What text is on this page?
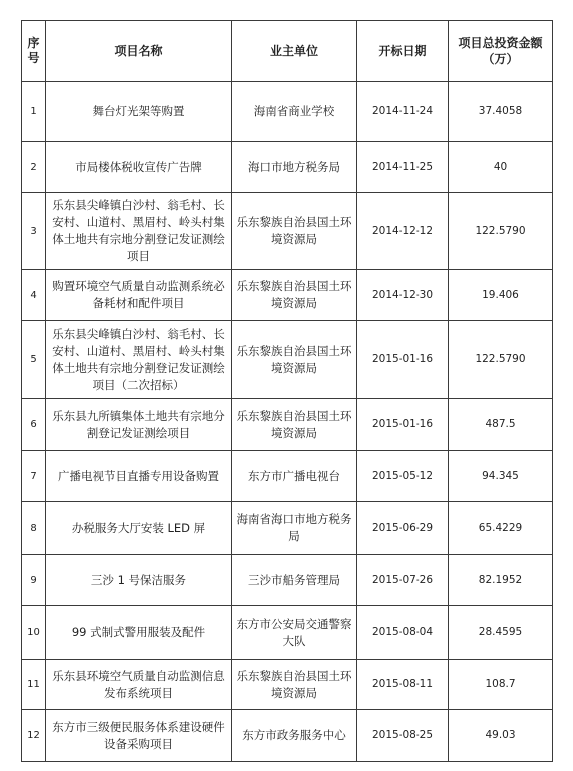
序号	项目名称	业主单位	开标日期	项目总投资金额（万）
1	舞台灯光架等购置	海南省商业学校	2014-11-24	37.4058
2	市局楼体税收宣传广告牌	海口市地方税务局	2014-11-25	40
3	乐东县尖峰镇白沙村、翁毛村、长安村、山道村、黑眉村、岭头村集体土地共有宗地分割登记发证测绘项目	乐东黎族自治县国土环境资源局	2014-12-12	122.5790
4	购置环境空气质量自动监测系统必备耗材和配件项目	乐东黎族自治县国土环境资源局	2014-12-30	19.406
5	乐东县尖峰镇白沙村、翁毛村、长安村、山道村、黑眉村、岭头村集体土地共有宗地分割登记发证测绘项目（二次招标）	乐东黎族自治县国土环境资源局	2015-01-16	122.5790
6	乐东县九所镇集体土地共有宗地分割登记发证测绘项目	乐东黎族自治县国土环境资源局	2015-01-16	487.5
7	广播电视节目直播专用设备购置	东方市广播电视台	2015-05-12	94.345
8	办税服务大厅安装 LED 屏	海南省海口市地方税务局	2015-06-29	65.4229
9	三沙 1 号保洁服务	三沙市船务管理局	2015-07-26	82.1952
10	99 式制式警用服装及配件	东方市公安局交通警察大队	2015-08-04	28.4595
11	乐东县环境空气质量自动监测信息发布系统项目	乐东黎族自治县国土环境资源局	2015-08-11	108.7
12	东方市三级便民服务体系建设硬件设备采购项目	东方市政务服务中心	2015-08-25	49.03
